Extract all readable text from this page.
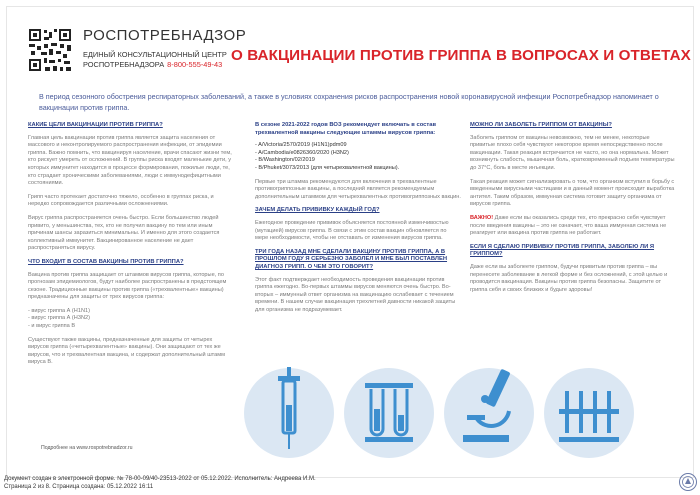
РОСПОТРЕБНАДЗОР
ЕДИНЫЙ КОНСУЛЬТАЦИОННЫЙ ЦЕНТР
РОСПОТРЕБНАДЗОРА 8-800-555-49-43
О ВАКЦИНАЦИИ ПРОТИВ ГРИППА В ВОПРОСАХ И ОТВЕТАХ
В период сезонного обострения респираторных заболеваний, а также в условиях сохранения рисков распространения новой коронавирусной инфекции Роспотребнадзор напоминает о вакцинации против гриппа.
КАКИЕ ЦЕЛИ ВАКЦИНАЦИИ ПРОТИВ ГРИППА?
Главная цель вакцинации против гриппа является защита населения от массового и неконтролируемого распространения инфекции, от эпидемии гриппа. Важно помнить, что вакцинируя население, врачи спасают жизни тем, кто рискует умереть от осложнений. В группы риска входят маленькие дети, у которых иммунитет находится в процессе формирования, пожилые люди, те, кто страдает хроническими заболеваниями, люди с иммунодефицитными состояниями.
Грипп часто протекает достаточно тяжело, особенно в группах риска, и нередко сопровождается различными осложнениями.
Вирус гриппа распространяется очень быстро. Если большинство людей привито, у меньшинства, тех, кто не получил вакцину по тем или иным причинам шансы заразиться минимальны. И именно для этого создается коллективный иммунитет. Вакцинированное население не дает распространяться вирусу.
ЧТО ВХОДИТ В СОСТАВ ВАКЦИНЫ ПРОТИВ ГРИППА?
Вакцина против гриппа защищает от штаммов вирусов гриппа, которые, по прогнозам эпидемиологов, будут наиболее распространены в предстоящем сезоне. Традиционные вакцины против гриппа («трехвалентные» вакцины) предназначены для защиты от трех вирусов гриппа:
- вирус гриппа А (H1N1)
- вирус гриппа А (H3N2)
- и вирус гриппа В
Существуют также вакцины, предназначенные для защиты от четырех вирусов гриппа («четырехвалентные» вакцины). Они защищают от тех же вирусов, что и трехвалентная вакцина, и содержат дополнительный штамм вируса В.
В сезоне 2021-2022 годов ВОЗ рекомендует включать в состав трехвалентной вакцины следующие штаммы вирусов гриппа:
- A/Victoria/2570/2019 (H1N1)pdm09
- A/Cambodia/e0826360/2020 (H3N2)
- B/Washington/02/2019
- B/Phuket/3073/2013 (для четырехвалентной вакцины).
Первые три штамма рекомендуются для включения в трехвалентные противогриппозные вакцины, а последний является рекомендуемым дополнительным штаммом для четырехвалентных противогриппозных вакцин.
ЗАЧЕМ ДЕЛАТЬ ПРИВИВКУ КАЖДЫЙ ГОД?
Ежегодное проведение прививок объясняется постоянной изменчивостью (мутацией) вирусов гриппа. В связи с этим состав вакцин обновляется по мере необходимости, чтобы не отставать от изменения вирусов гриппа.
ТРИ ГОДА НАЗАД МНЕ СДЕЛАЛИ ВАКЦИНУ ПРОТИВ ГРИППА, А В ПРОШЛОМ ГОДУ Я СЕРЬЕЗНО ЗАБОЛЕЛ И МНЕ БЫЛ ПОСТАВЛЕН ДИАГНОЗ ГРИПП. О ЧЕМ ЭТО ГОВОРИТ?
Этот факт подтверждает необходимость проведения вакцинации против гриппа ежегодно. Во-первых штаммы вирусов меняются очень быстро. Во-вторых – иммунный ответ организма на вакцинацию ослабевает с течением времени. В нашем случае вакцинация трехлетней давности никакой защиты для организма не подразумевает.
МОЖНО ЛИ ЗАБОЛЕТЬ ГРИППОМ ОТ ВАКЦИНЫ?
Заболеть гриппом от вакцины невозможно, тем не менее, некоторые привитые плохо себя чувствуют некоторое время непосредственно после вакцинации. Такая реакция встречается не часто, но она нормальна. Может возникнуть слабость, мышечная боль, кратковременный подъем температуры до 37°С, боль в месте инъекции.
Такая реакция может сигнализировать о том, что организм вступил в борьбу с введенными вирусными частицами и в данный момент происходит выработка антител. Таким образом, иммунная система готовит защиту организма от вирусов гриппа.
ВАЖНО! Даже если вы оказались среди тех, кто прекрасно себя чувствует после введения вакцины – это не означает, что ваша иммунная система не реагирует или вакцина против гриппа не работает.
ЕСЛИ Я СДЕЛАЮ ПРИВИВКУ ПРОТИВ ГРИППА, ЗАБОЛЕЮ ЛИ Я ГРИППОМ?
Даже если вы заболеете гриппом, будучи привитым против гриппа – вы перенесете заболевание в легкой форме и без осложнений, с этой целью и проводится вакцинация. Вакцины против гриппа безопасны. Защитите от гриппа себя и своих близких и будьте здоровы!
Подробнее на www.rospotrebnadzor.ru
Документ создан в электронной форме. № 78-00-09/40-23513-2022 от 05.12.2022. Исполнитель: Андреева И.М.
Страница 2 из 8. Страница создана: 05.12.2022 16:11
